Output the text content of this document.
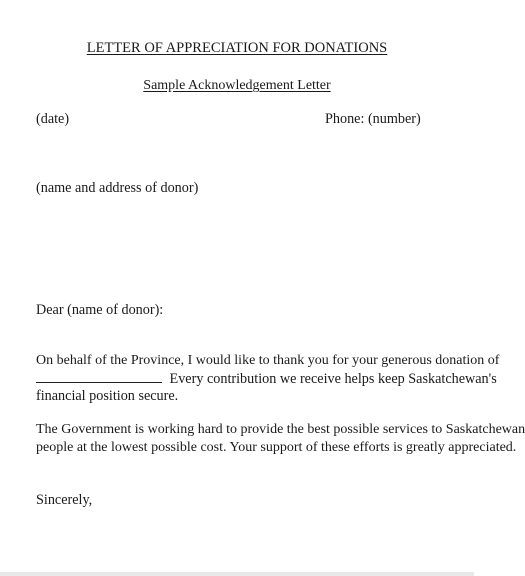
LETTER OF APPRECIATION FOR DONATIONS
Sample Acknowledgement Letter
(date)	Phone: (number)
(name and address of donor)
Dear (name of donor):
On behalf of the Province, I would like to thank you for your generous donation of
Every contribution we receive helps keep Saskatchewan's
financial position secure.
The Government is working hard to provide the best possible services to Saskatchewan
people at the lowest possible cost. Your support of these efforts is greatly appreciated.
Sincerely,
